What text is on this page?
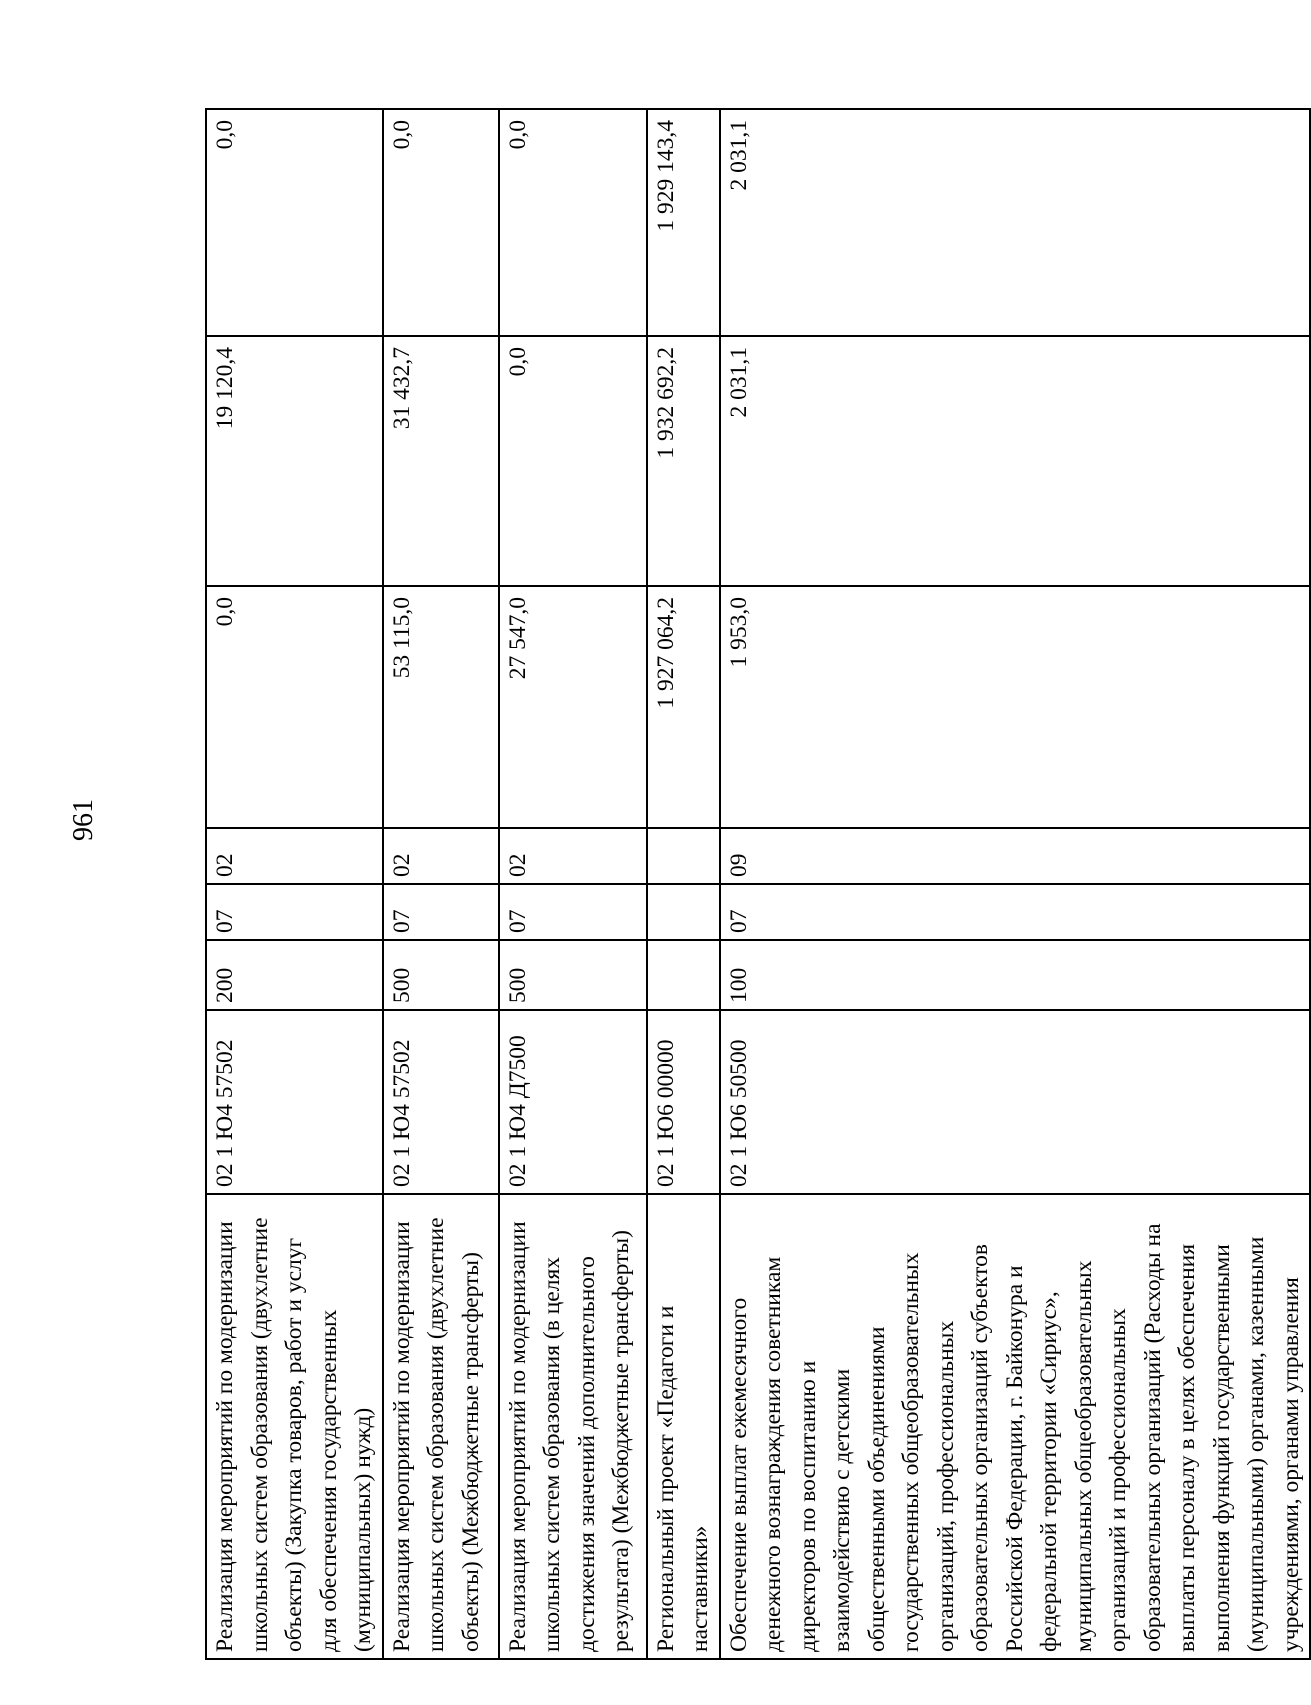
961
Реализация мероприятий по модернизации школьных систем образования (двухлетние объекты) (Закупка товаров, работ и услуг для обеспечения государственных (муниципальных) нужд)	02 1 Ю4 57502	200	07	02	0,0	19 120,4	0,0
Реализация мероприятий по модернизации школьных систем образования (двухлетние объекты) (Межбюджетные трансферты)	02 1 Ю4 57502	500	07	02	53 115,0	31 432,7	0,0
Реализация мероприятий по модернизации школьных систем образования (в целях достижения значений дополнительного результата) (Межбюджетные трансферты)	02 1 Ю4 Д7500	500	07	02	27 547,0	0,0	0,0
Региональный проект «Педагоги и наставники»	02 1 Ю6 00000				1 927 064,2	1 932 692,2	1 929 143,4
Обеспечение выплат ежемесячного денежного вознаграждения советникам директоров по воспитанию и взаимодействию с детскими общественными объединениями государственных общеобразовательных организаций, профессиональных образовательных организаций субъектов Российской Федерации, г. Байконура и федеральной территории «Сириус», муниципальных общеобразовательных организаций и профессиональных образовательных организаций (Расходы на выплаты персоналу в целях обеспечения выполнения функций государственными (муниципальными) органами, казенными учреждениями, органами управления	02 1 Ю6 50500	100	07	09	1 953,0	2 031,1	2 031,1
